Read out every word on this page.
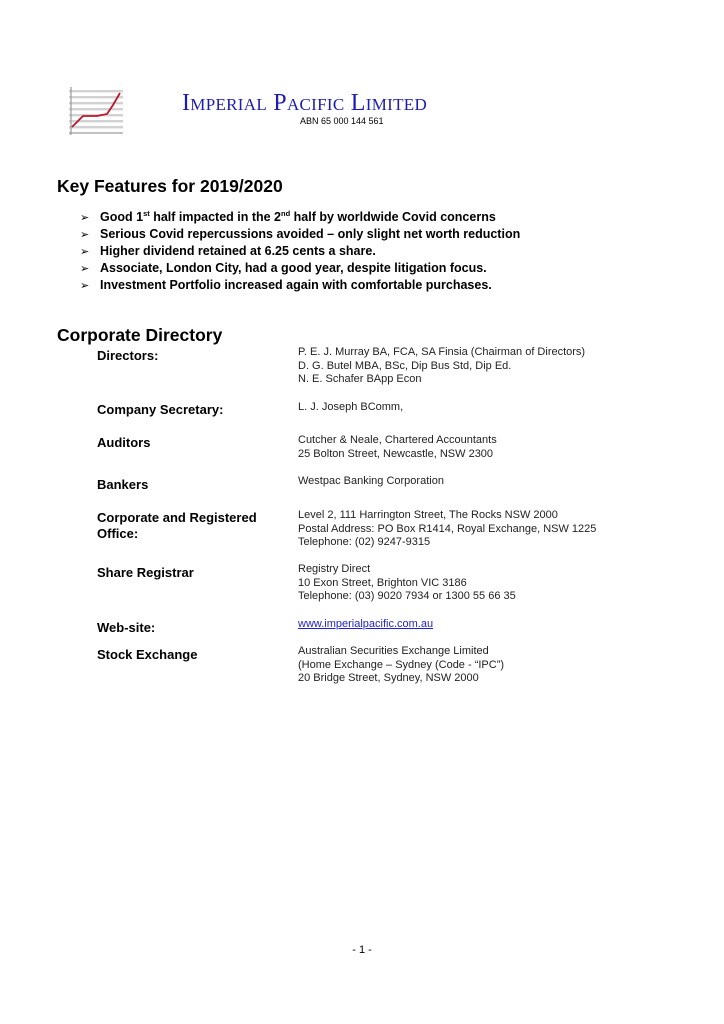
Imperial Pacific Limited
ABN 65 000 144 561
Key Features for 2019/2020
➢ Good 1st half impacted in the 2nd half by worldwide Covid concerns
➢ Serious Covid repercussions avoided – only slight net worth reduction
➢ Higher dividend retained at 6.25 cents a share.
➢ Associate, London City, had a good year, despite litigation focus.
➢ Investment Portfolio increased again with comfortable purchases.
Corporate Directory
Directors:	P. E. J. Murray BA, FCA, SA Finsia (Chairman of Directors)
D. G. Butel MBA, BSc, Dip Bus Std, Dip Ed.
N. E. Schafer BApp Econ
Company Secretary:	L. J. Joseph BComm,
Auditors	Cutcher & Neale, Chartered Accountants
25 Bolton Street, Newcastle, NSW 2300
Bankers	Westpac Banking Corporation
Corporate and Registered Office:
Level 2, 111 Harrington Street, The Rocks NSW 2000
Postal Address: PO Box R1414, Royal Exchange, NSW 1225
Telephone: (02) 9247-9315
Share Registrar	Registry Direct
10 Exon Street, Brighton VIC 3186
Telephone: (03) 9020 7934 or 1300 55 66 35
Web-site:	www.imperialpacific.com.au
Stock Exchange	Australian Securities Exchange Limited
(Home Exchange – Sydney (Code - “IPC”)
20 Bridge Street, Sydney, NSW 2000
- 1 -
